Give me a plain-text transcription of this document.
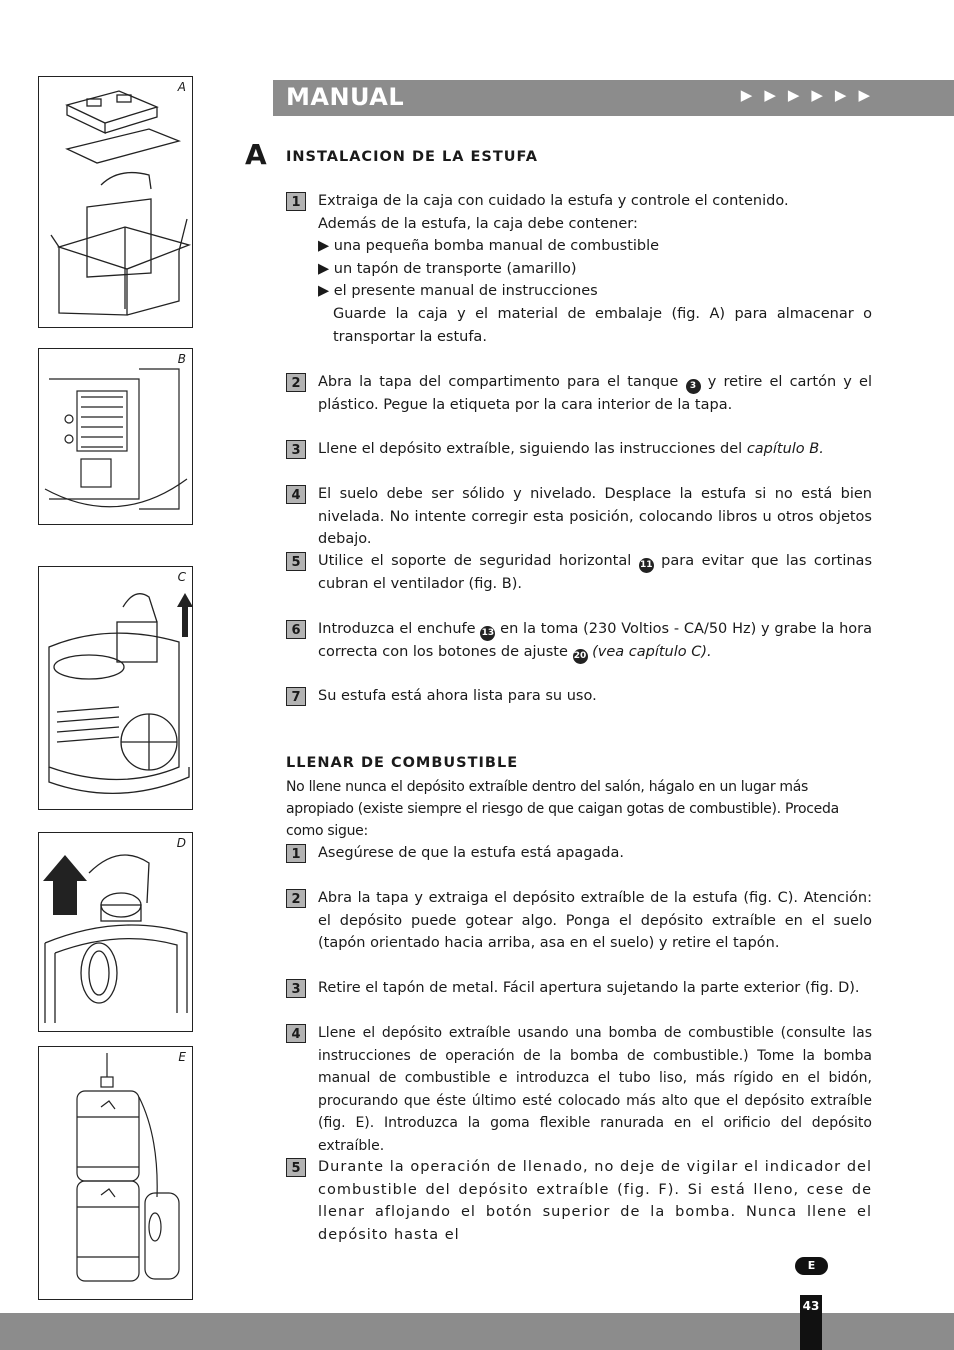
A
B
C
D
E
MANUAL	▶▶▶▶▶▶
A INSTALACION DE LA ESTUFA
1	Extraiga de la caja con cuidado la estufa y controle el contenido.

Además de la estufa, la caja debe contener:

▶ una pequeña bomba manual de combustible

▶ un tapón de transporte (amarillo)

▶ el presente manual de instrucciones

Guarde la caja y el material de embalaje (fig. A) para almacenar o transportar la estufa.

2	Abra la tapa del compartimento para el tanque 3 y retire el cartón y el plástico. Pegue la etiqueta por la cara interior de la tapa.
3	Llene el depósito extraíble, siguiendo las instrucciones del capítulo B.
4	El suelo debe ser sólido y nivelado. Desplace la estufa si no está bien nivelada. No intente corregir esta posición, colocando libros u otros objetos debajo.
5	Utilice el soporte de seguridad horizontal 11 para evitar que las cortinas cubran el ventilador (fig. B).
6	Introduzca el enchufe 13 en la toma (230 Voltios - CA/50 Hz) y grabe la hora correcta con los botones de ajuste 20 (vea capítulo C).
7	Su estufa está ahora lista para su uso.
LLENAR DE COMBUSTIBLE
No llene nunca el depósito extraíble dentro del salón, hágalo en un lugar más apropiado (existe siempre el riesgo de que caigan gotas de combustible). Proceda como sigue:
1	Asegúrese de que la estufa está apagada.
2	Abra la tapa y extraiga el depósito extraíble de la estufa (fig. C). Atención: el depósito puede gotear algo. Ponga el depósito extraíble en el suelo (tapón orientado hacia arriba, asa en el suelo) y retire el tapón.
3	Retire el tapón de metal. Fácil apertura sujetando la parte exterior (fig. D).
4	Llene el depósito extraíble usando una bomba de combustible (consulte las instrucciones de operación de la bomba de combustible.) Tome la bomba manual de combustible e introduzca el tubo liso, más rígido en el bidón, procurando que éste último esté colocado más alto que el depósito extraíble (fig. E). Introduzca la goma flexible ranurada en el orificio del depósito extraíble.
5	Durante la operación de llenado, no deje de vigilar el indicador del combustible del depósito extraíble (fig. F). Si está lleno, cese de llenar aflojando el botón superior de la bomba. Nunca llene el depósito hasta el
E
43
